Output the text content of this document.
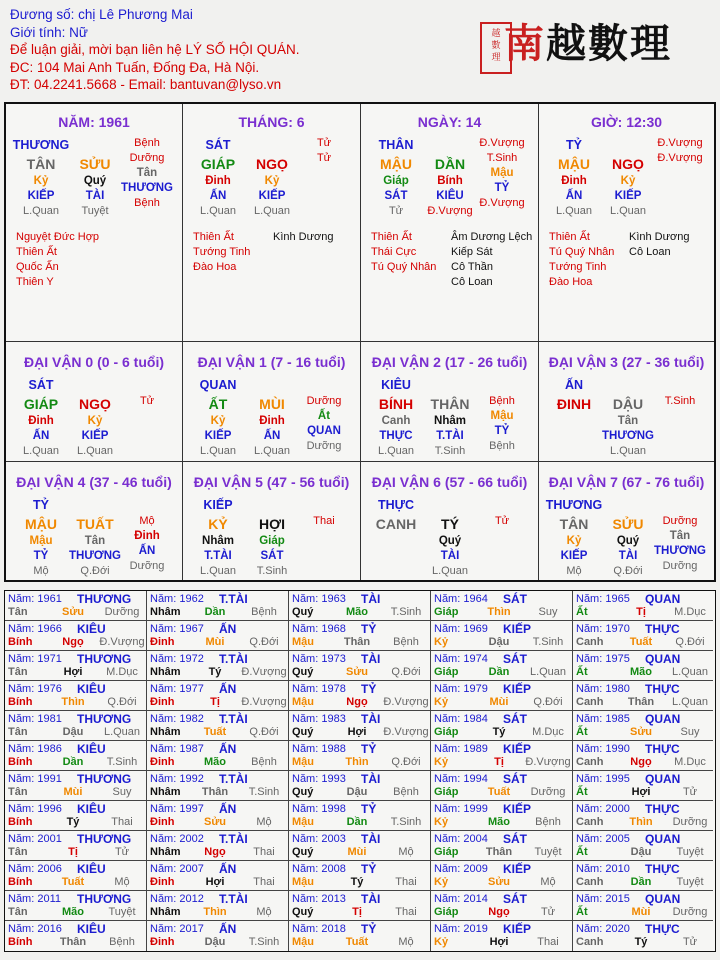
Đương số: chị Lê Phương Mai
Giới tính: Nữ
Để luận giải, mời bạn liên hệ LÝ SỐ HỘI QUÁN.
ĐC: 104 Mai Anh Tuấn, Đống Đa, Hà Nội.
ĐT: 04.2241.5668 - Email: bantuvan@lyso.vn
越
數
理 南越數理
NĂM: 1961
THƯƠNG
TÂN
Kỷ
KIẾP
L.Quan
SỬU
Quý
TÀI
Tuyệt
Bệnh
Dưỡng
Tân
THƯƠNG
Bệnh
Nguyệt Đức Hợp
Thiên Ất
Quốc Ấn
Thiên Y
THÁNG: 6
SÁT
GIÁP
Đinh
ẤN
L.Quan
NGỌ
Kỷ
KIẾP
L.Quan
Tử
Tử
Thiên Ất
Tướng Tinh
Đào Hoa
Kình Dương
NGÀY: 14
THÂN
MẬU
Giáp
SÁT
Tử
DẦN
Bính
KIÊU
Đ.Vượng
Đ.Vượng
T.Sinh
Mậu
TỶ
Đ.Vượng
Thiên Ất
Thái Cực
Tú Quý Nhân
Âm Dương Lệch
Kiếp Sát
Cô Thần
Cô Loan
GIỜ: 12:30
TỶ
MẬU
Đinh
ẤN
L.Quan
NGỌ
Kỷ
KIẾP
L.Quan
Đ.Vượng
Đ.Vượng
Thiên Ất
Tú Quý Nhân
Tướng Tinh
Đào Hoa
Kình Dương
Cô Loan
ĐẠI VẬN 0 (0 - 6 tuổi)
SÁT
GIÁP
Đinh
ẤN
L.Quan
NGỌ
Kỷ
KIẾP
L.Quan
Tử
ĐẠI VẬN 1 (7 - 16 tuổi)
QUAN
ẤT
Kỷ
KIẾP
L.Quan
MÙI
Đinh
ẤN
L.Quan
Dưỡng
Ất
QUAN
Dưỡng
ĐẠI VẬN 2 (17 - 26 tuổi)
KIÊU
BÍNH
Canh
THỰC
L.Quan
THÂN
Nhâm
T.TÀI
T.Sinh
Bệnh
Mậu
TỶ
Bệnh
ĐẠI VẬN 3 (27 - 36 tuổi)
ẤN
ĐINH	DẬU
Tân
THƯƠNG
L.Quan
T.Sinh
ĐẠI VẬN 4 (37 - 46 tuổi)
TỶ
MẬU
Mậu
TỶ
Mộ
TUẤT
Tân
THƯƠNG
Q.Đới
Mộ
Đinh
ẤN
Dưỡng
ĐẠI VẬN 5 (47 - 56 tuổi)
KIẾP
KỶ
Nhâm
T.TÀI
L.Quan
HỢI
Giáp
SÁT
T.Sinh
Thai
ĐẠI VẬN 6 (57 - 66 tuổi)
THỰC
CANH	TÝ
Quý
TÀI
L.Quan
Tử
ĐẠI VẬN 7 (67 - 76 tuổi)
THƯƠNG
TÂN
Kỷ
KIẾP
Mộ
SỬU
Quý
TÀI
Q.Đới
Dưỡng
Tân
THƯƠNG
Dưỡng
Năm: 1961 THƯƠNG
Tân	Sửu	Dưỡng
Năm: 1962 T.TÀI
Nhâm	Dần	Bệnh
Năm: 1963 TÀI
Quý	Mão	T.Sinh
Năm: 1964 SÁT
Giáp	Thìn	Suy
Năm: 1965 QUAN
Ất	Tị	M.Dục
Năm: 1966 KIÊU
Bính	Ngọ	Đ.Vượng
Năm: 1967 ẤN
Đinh	Mùi	Q.Đới
Năm: 1968 TỶ
Mậu	Thân	Bệnh
Năm: 1969 KIẾP
Kỷ	Dậu	T.Sinh
Năm: 1970 THỰC
Canh	Tuất	Q.Đới
Năm: 1971 THƯƠNG
Tân	Hợi	M.Dục
Năm: 1972 T.TÀI
Nhâm	Tý	Đ.Vượng
Năm: 1973 TÀI
Quý	Sửu	Q.Đới
Năm: 1974 SÁT
Giáp	Dần	L.Quan
Năm: 1975 QUAN
Ất	Mão	L.Quan
Năm: 1976 KIÊU
Bính	Thìn	Q.Đới
Năm: 1977 ẤN
Đinh	Tị	Đ.Vượng
Năm: 1978 TỶ
Mậu	Ngọ	Đ.Vượng
Năm: 1979 KIẾP
Kỷ	Mùi	Q.Đới
Năm: 1980 THỰC
Canh	Thân	L.Quan
Năm: 1981 THƯƠNG
Tân	Dậu	L.Quan
Năm: 1982 T.TÀI
Nhâm	Tuất	Q.Đới
Năm: 1983 TÀI
Quý	Hợi	Đ.Vượng
Năm: 1984 SÁT
Giáp	Tý	M.Dục
Năm: 1985 QUAN
Ất	Sửu	Suy
Năm: 1986 KIÊU
Bính	Dần	T.Sinh
Năm: 1987 ẤN
Đinh	Mão	Bệnh
Năm: 1988 TỶ
Mậu	Thìn	Q.Đới
Năm: 1989 KIẾP
Kỷ	Tị	Đ.Vượng
Năm: 1990 THỰC
Canh	Ngọ	M.Dục
Năm: 1991 THƯƠNG
Tân	Mùi	Suy
Năm: 1992 T.TÀI
Nhâm	Thân	T.Sinh
Năm: 1993 TÀI
Quý	Dậu	Bệnh
Năm: 1994 SÁT
Giáp	Tuất	Dưỡng
Năm: 1995 QUAN
Ất	Hợi	Tử
Năm: 1996 KIÊU
Bính	Tý	Thai
Năm: 1997 ẤN
Đinh	Sửu	Mộ
Năm: 1998 TỶ
Mậu	Dần	T.Sinh
Năm: 1999 KIẾP
Kỷ	Mão	Bệnh
Năm: 2000 THỰC
Canh	Thìn	Dưỡng
Năm: 2001 THƯƠNG
Tân	Tị	Tử
Năm: 2002 T.TÀI
Nhâm	Ngọ	Thai
Năm: 2003 TÀI
Quý	Mùi	Mộ
Năm: 2004 SÁT
Giáp	Thân	Tuyệt
Năm: 2005 QUAN
Ất	Dậu	Tuyệt
Năm: 2006 KIÊU
Bính	Tuất	Mộ
Năm: 2007 ẤN
Đinh	Hợi	Thai
Năm: 2008 TỶ
Mậu	Tý	Thai
Năm: 2009 KIẾP
Kỷ	Sửu	Mộ
Năm: 2010 THỰC
Canh	Dần	Tuyệt
Năm: 2011 THƯƠNG
Tân	Mão	Tuyệt
Năm: 2012 T.TÀI
Nhâm	Thìn	Mộ
Năm: 2013 TÀI
Quý	Tị	Thai
Năm: 2014 SÁT
Giáp	Ngọ	Tử
Năm: 2015 QUAN
Ất	Mùi	Dưỡng
Năm: 2016 KIÊU
Bính	Thân	Bệnh
Năm: 2017 ẤN
Đinh	Dậu	T.Sinh
Năm: 2018 TỶ
Mậu	Tuất	Mộ
Năm: 2019 KIẾP
Kỷ	Hợi	Thai
Năm: 2020 THỰC
Canh	Tý	Tử
